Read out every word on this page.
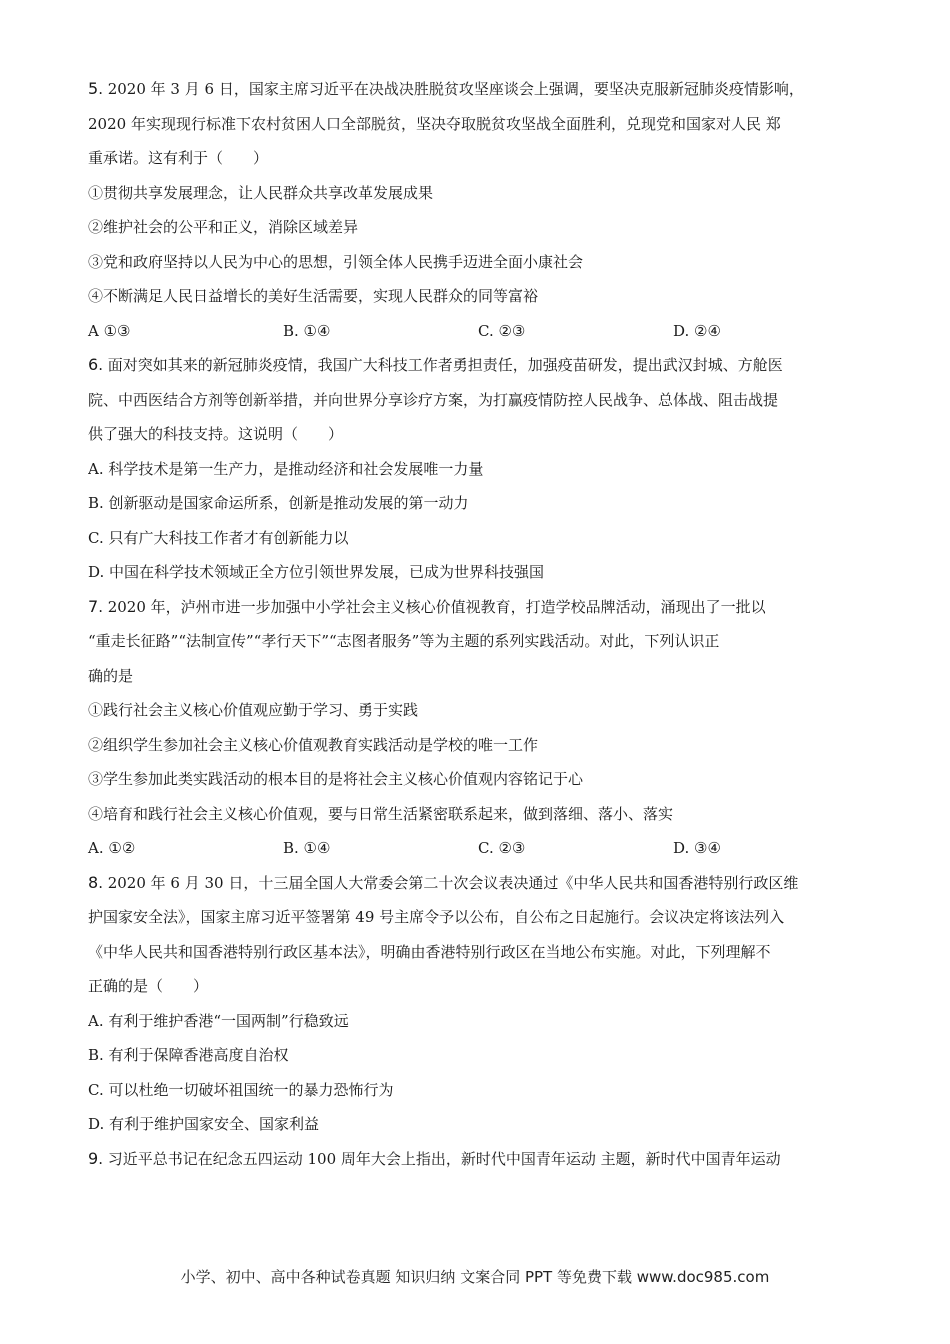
5. 2020 年 3 月 6 日，国家主席习近平在决战决胜脱贫攻坚座谈会上强调，要坚决克服新冠肺炎疫情影响，
2020 年实现现行标准下农村贫困人口全部脱贫，坚决夺取脱贫攻坚战全面胜利，兑现党和国家对人民 郑
重承诺。这有利于（　　）
①贯彻共享发展理念，让人民群众共享改革发展成果
②维护社会的公平和正义，消除区域差异
③党和政府坚持以人民为中心的思想，引领全体人民携手迈进全面小康社会
④不断满足人民日益增长的美好生活需要，实现人民群众的同等富裕
A ①③	B. ①④	C. ②③	D. ②④
6. 面对突如其来的新冠肺炎疫情，我国广大科技工作者勇担责任，加强疫苗研发，提出武汉封城、方舱医
院、中西医结合方剂等创新举措，并向世界分享诊疗方案，为打赢疫情防控人民战争、总体战、阻击战提
供了强大的科技支持。这说明（　　）
A. 科学技术是第一生产力，是推动经济和社会发展唯一力量
B. 创新驱动是国家命运所系，创新是推动发展的第一动力
C. 只有广大科技工作者才有创新能力以
D. 中国在科学技术领域正全方位引领世界发展，已成为世界科技强国
7. 2020 年，泸州市进一步加强中小学社会主义核心价值视教育，打造学校品牌活动，涌现出了一批以
“重走长征路”“法制宣传”“孝行天下”“志图者服务”等为主题的系列实践活动。对此，下列认识正
确的是
①践行社会主义核心价值观应勤于学习、勇于实践
②组织学生参加社会主义核心价值观教育实践活动是学校的唯一工作
③学生参加此类实践活动的根本目的是将社会主义核心价值观内容铭记于心
④培育和践行社会主义核心价值观，要与日常生活紧密联系起来，做到落细、落小、落实
A. ①②	B. ①④	C. ②③	D. ③④
8. 2020 年 6 月 30 日，十三届全国人大常委会第二十次会议表决通过《中华人民共和国香港特别行政区维
护国家安全法》，国家主席习近平签署第 49 号主席令予以公布，自公布之日起施行。会议决定将该法列入
《中华人民共和国香港特别行政区基本法》，明确由香港特别行政区在当地公布实施。对此，下列理解不
正确的是（　　）
A. 有利于维护香港“一国两制”行稳致远
B. 有利于保障香港高度自治权
C. 可以杜绝一切破坏祖国统一的暴力恐怖行为
D. 有利于维护国家安全、国家利益
9. 习近平总书记在纪念五四运动 100 周年大会上指出，新时代中国青年运动 主题，新时代中国青年运动
小学、初中、高中各种试卷真题 知识归纳 文案合同 PPT 等免费下载 www.doc985.com
